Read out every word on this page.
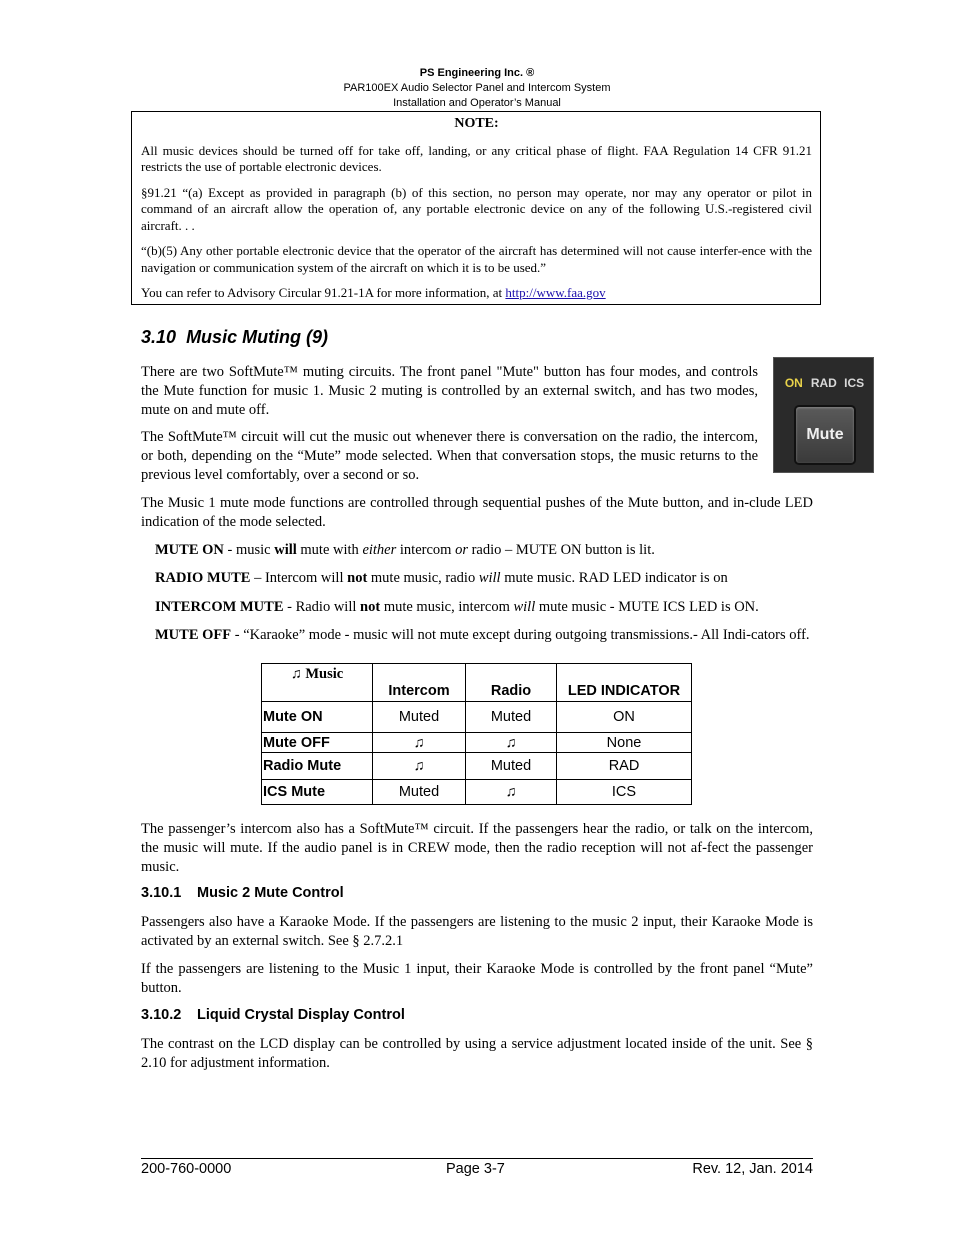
PS Engineering Inc. ®
PAR100EX Audio Selector Panel and Intercom System
Installation and Operator’s Manual
NOTE:

All music devices should be turned off for take off, landing, or any critical phase of flight. FAA Regulation 14 CFR 91.21 restricts the use of portable electronic devices.

§91.21 “(a) Except as provided in paragraph (b) of this section, no person may operate, nor may any operator or pilot in command of an aircraft allow the operation of, any portable electronic device on any of the following U.S.-registered civil aircraft. . .

“(b)(5) Any other portable electronic device that the operator of the aircraft has determined will not cause interfer-ence with the navigation or communication system of the aircraft on which it is to be used.”

You can refer to Advisory Circular 91.21-1A for more information, at http://www.faa.gov

3.10 Music Muting (9)

There are two SoftMute™ muting circuits. The front panel "Mute" button has four modes, and controls the Mute function for music 1. Music 2 muting is controlled by an external switch, and has two modes, mute on and mute off.

The SoftMute™ circuit will cut the music out whenever there is conversation on the radio, the intercom, or both, depending on the “Mute” mode selected. When that conversation stops, the music returns to the previous level comfortably, over a second or so.

ON RAD ICS
Mute

The Music 1 mute mode functions are controlled through sequential pushes of the Mute button, and in-clude LED indication of the mode selected.

MUTE ON - music will mute with either intercom or radio – MUTE ON button is lit.
RADIO MUTE – Intercom will not mute music, radio will mute music. RAD LED indicator is on
INTERCOM MUTE - Radio will not mute music, intercom will mute music - MUTE ICS LED is ON.
MUTE OFF - “Karaoke” mode - music will not mute except during outgoing transmissions.- All Indi-cators off.
♫ Music	Intercom	Radio	LED INDICATOR
Mute ON	Muted	Muted	ON
Mute OFF	♫	♫	None
Radio Mute	♫	Muted	RAD
ICS Mute	Muted	♫	ICS

The passenger’s intercom also has a SoftMute™ circuit. If the passengers hear the radio, or talk on the intercom, the music will mute. If the audio panel is in CREW mode, then the radio reception will not af-fect the passenger music.

3.10.1 Music 2 Mute Control

Passengers also have a Karaoke Mode. If the passengers are listening to the music 2 input, their Karaoke Mode is activated by an external switch. See § 2.7.2.1

If the passengers are listening to the Music 1 input, their Karaoke Mode is controlled by the front panel “Mute” button.

3.10.2 Liquid Crystal Display Control

The contrast on the LCD display can be controlled by using a service adjustment located inside of the unit. See § 2.10 for adjustment information.

200-760-0000	Page 3-7	Rev. 12, Jan. 2014
